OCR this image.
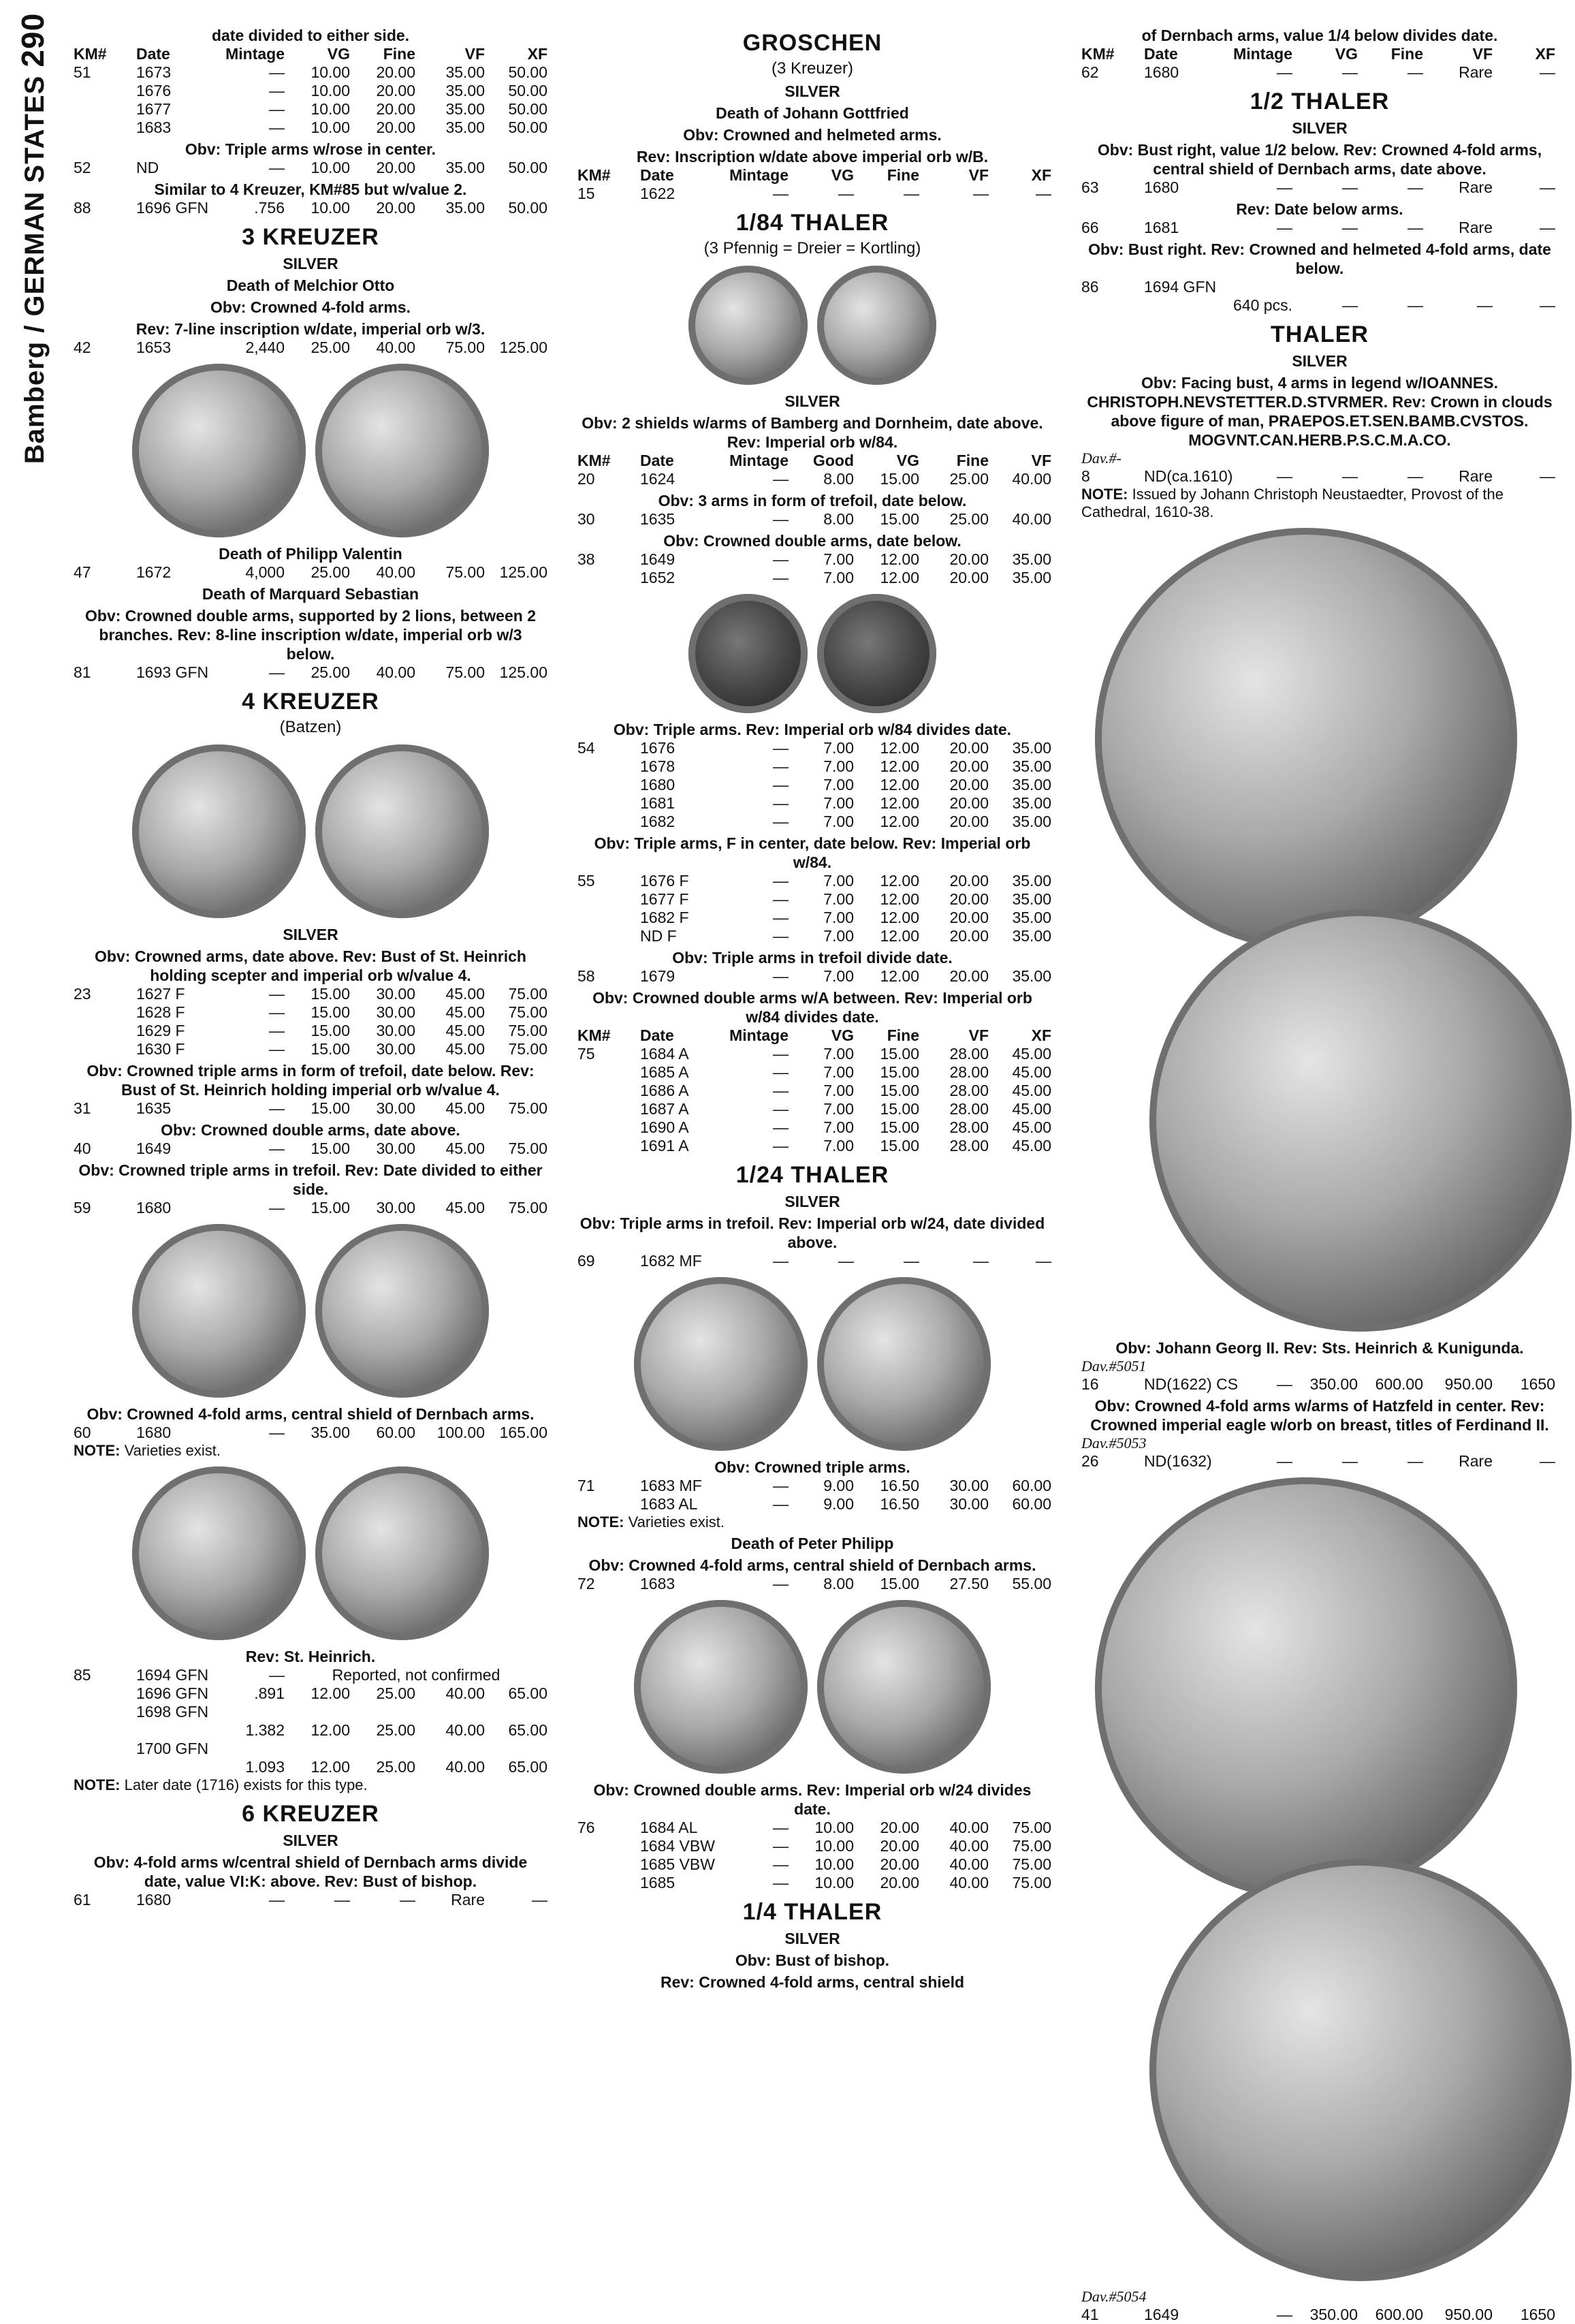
Bamberg / GERMAN STATES 290	date divided to either side.
KM#	Date	Mintage	VG	Fine	VF	XF
51	1673	—	10.00	20.00	35.00	50.00
1676	—	10.00	20.00	35.00	50.00
1677	—	10.00	20.00	35.00	50.00
1683	—	10.00	20.00	35.00	50.00
Obv: Triple arms w/rose in center.
52	ND	—	10.00	20.00	35.00	50.00
Similar to 4 Kreuzer, KM#85 but w/value 2.
88	1696 GFN	.756	10.00	20.00	35.00	50.00
3 KREUZER
SILVER
Death of Melchior Otto
Obv: Crowned 4-fold arms.
Rev: 7-line inscription w/date, imperial orb w/3.
42	1653	2,440	25.00	40.00	75.00 125.00
Death of Philipp Valentin
47	1672	4,000	25.00	40.00	75.00 125.00
Death of Marquard Sebastian
Obv: Crowned double arms, supported by 2 lions, between 2 branches. Rev: 8-line inscription w/date, imperial orb w/3 below.
81	1693 GFN	—	25.00	40.00	75.00 125.00
4 KREUZER
(Batzen)
SILVER
Obv: Crowned arms, date above. Rev: Bust of St. Heinrich holding scepter and imperial orb w/value 4.
23	1627 F	—	15.00	30.00	45.00	75.00
1628 F	—	15.00	30.00	45.00	75.00
1629 F	—	15.00	30.00	45.00	75.00
1630 F	—	15.00	30.00	45.00	75.00
Obv: Crowned triple arms in form of trefoil, date below. Rev: Bust of St. Heinrich holding imperial orb w/value 4.
31	1635	—	15.00	30.00	45.00	75.00
Obv: Crowned double arms, date above.
40	1649	—	15.00	30.00	45.00	75.00
Obv: Crowned triple arms in trefoil. Rev: Date divided to either side.
59	1680	—	15.00	30.00	45.00	75.00
Obv: Crowned 4-fold arms, central shield of Dernbach arms.
60	1680	—	35.00	60.00	100.00 165.00
NOTE: Varieties exist.
Rev: St. Heinrich.
85	1694 GFN	—	Reported, not confirmed
1696 GFN	.891	12.00	25.00	40.00	65.00
1698 GFN
1.382	12.00	25.00	40.00	65.00
1700 GFN
1.093	12.00	25.00	40.00	65.00
NOTE: Later date (1716) exists for this type.
6 KREUZER
SILVER
Obv: 4-fold arms w/central shield of Dernbach arms divide date, value VI:K: above. Rev: Bust of bishop.
61	1680	—	—	—	Rare	—
GROSCHEN
(3 Kreuzer)
SILVER
Death of Johann Gottfried
Obv: Crowned and helmeted arms.
Rev: Inscription w/date above imperial orb w/B.
KM#	Date	Mintage	VG	Fine	VF	XF
15	1622	—	—	—	—	—
1/84 THALER
(3 Pfennig = Dreier = Kortling)
SILVER
Obv: 2 shields w/arms of Bamberg and Dornheim, date above. Rev: Imperial orb w/84.
KM#	Date	Mintage	Good	VG	Fine	VF
20	1624	—	8.00	15.00	25.00	40.00
Obv: 3 arms in form of trefoil, date below.
30	1635	—	8.00	15.00	25.00	40.00
Obv: Crowned double arms, date below.
38	1649	—	7.00	12.00	20.00	35.00
1652	—	7.00	12.00	20.00	35.00
Obv: Triple arms. Rev: Imperial orb w/84 divides date.
54	1676	—	7.00	12.00	20.00	35.00
1678	—	7.00	12.00	20.00	35.00
1680	—	7.00	12.00	20.00	35.00
1681	—	7.00	12.00	20.00	35.00
1682	—	7.00	12.00	20.00	35.00
Obv: Triple arms, F in center, date below. Rev: Imperial orb w/84.
55	1676 F	—	7.00	12.00	20.00	35.00
1677 F	—	7.00	12.00	20.00	35.00
1682 F	—	7.00	12.00	20.00	35.00
ND F	—	7.00	12.00	20.00	35.00
Obv: Triple arms in trefoil divide date.
58	1679	—	7.00	12.00	20.00	35.00
Obv: Crowned double arms w/A between. Rev: Imperial orb w/84 divides date.
KM#	Date	Mintage	VG	Fine	VF	XF
75	1684 A	—	7.00	15.00	28.00	45.00
1685 A	—	7.00	15.00	28.00	45.00
1686 A	—	7.00	15.00	28.00	45.00
1687 A	—	7.00	15.00	28.00	45.00
1690 A	—	7.00	15.00	28.00	45.00
1691 A	—	7.00	15.00	28.00	45.00
1/24 THALER
SILVER
Obv: Triple arms in trefoil. Rev: Imperial orb w/24, date divided above.
69	1682 MF	—	—	—	—	—
Obv: Crowned triple arms.
71	1683 MF	—	9.00	16.50	30.00	60.00
1683 AL	—	9.00	16.50	30.00	60.00
NOTE: Varieties exist.
Death of Peter Philipp
Obv: Crowned 4-fold arms, central shield of Dernbach arms.
72	1683	—	8.00	15.00	27.50	55.00
Obv: Crowned double arms. Rev: Imperial orb w/24 divides date.
76	1684 AL	—	10.00	20.00	40.00	75.00
1684 VBW	—	10.00	20.00	40.00	75.00
1685 VBW	—	10.00	20.00	40.00	75.00
1685	—	10.00	20.00	40.00	75.00
1/4 THALER
SILVER
Obv: Bust of bishop.
Rev: Crowned 4-fold arms, central shield
of Dernbach arms, value 1/4 below divides date.
KM#	Date	Mintage	VG	Fine	VF	XF
62	1680	—	—	—	Rare	—
1/2 THALER
SILVER
Obv: Bust right, value 1/2 below. Rev: Crowned 4-fold arms, central shield of Dernbach arms, date above.
63	1680	—	—	—	Rare	—
Rev: Date below arms.
66	1681	—	—	—	Rare	—
Obv: Bust right. Rev: Crowned and helmeted 4-fold arms, date below.
86	1694 GFN
640 pcs.	—	—	—	—
THALER
SILVER
Obv: Facing bust, 4 arms in legend w/IOANNES. CHRISTOPH.NEVSTETTER.D.STVRMER. Rev: Crown in clouds above figure of man, PRAEPOS.ET.SEN.BAMB.CVSTOS. MOGVNT.CAN.HERB.P.S.C.M.A.CO.
Dav.#-
8	ND(ca.1610)	—	—	—	Rare	—
NOTE: Issued by Johann Christoph Neustaedter, Provost of the Cathedral, 1610-38.
Obv: Johann Georg II. Rev: Sts. Heinrich & Kunigunda.
Dav.#5051
16	ND(1622) CS	—	350.00	600.00	950.00	1650
Obv: Crowned 4-fold arms w/arms of Hatzfeld in center. Rev: Crowned imperial eagle w/orb on breast, titles of Ferdinand II.
Dav.#5053
26	ND(1632)	—	—	—	Rare	—
Dav.#5054
41	1649	—	350.00	600.00	950.00	1650
